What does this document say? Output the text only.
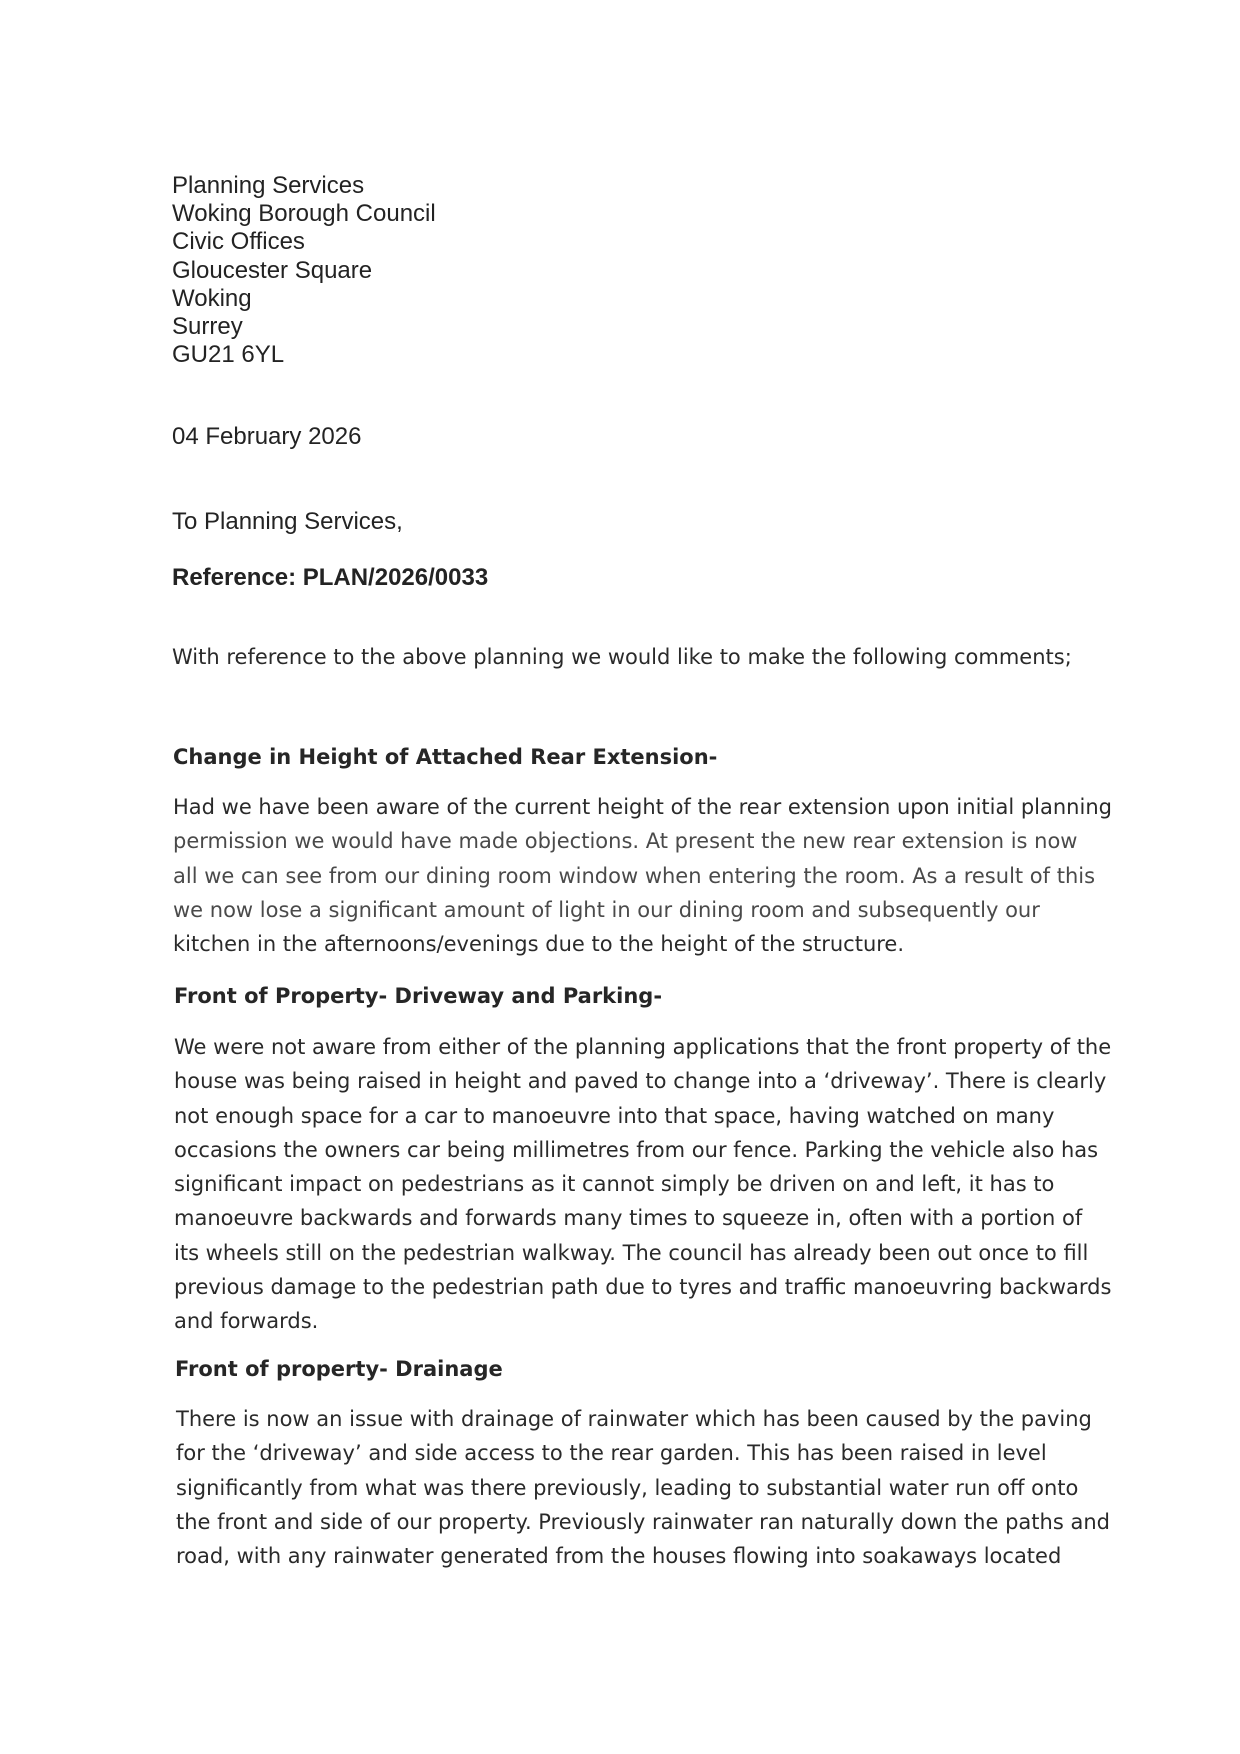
Planning Services
Woking Borough Council
Civic Offices
Gloucester Square
Woking
Surrey
GU21 6YL
04 February 2026
To Planning Services,
Reference: PLAN/2026/0033
With reference to the above planning we would like to make the following comments;
Change in Height of Attached Rear Extension-
Had we have been aware of the current height of the rear extension upon initial planning
permission we would have made objections. At present the new rear extension is now
all we can see from our dining room window when entering the room. As a result of this
we now lose a significant amount of light in our dining room and subsequently our
kitchen in the afternoons/evenings due to the height of the structure.
Front of Property- Driveway and Parking-
We were not aware from either of the planning applications that the front property of the
house was being raised in height and paved to change into a ‘driveway’. There is clearly
not enough space for a car to manoeuvre into that space, having watched on many
occasions the owners car being millimetres from our fence. Parking the vehicle also has
significant impact on pedestrians as it cannot simply be driven on and left, it has to
manoeuvre backwards and forwards many times to squeeze in, often with a portion of
its wheels still on the pedestrian walkway. The council has already been out once to fill
previous damage to the pedestrian path due to tyres and traffic manoeuvring backwards
and forwards.
Front of property- Drainage
There is now an issue with drainage of rainwater which has been caused by the paving
for the ‘driveway’ and side access to the rear garden. This has been raised in level
significantly from what was there previously, leading to substantial water run off onto
the front and side of our property. Previously rainwater ran naturally down the paths and
road, with any rainwater generated from the houses flowing into soakaways located
